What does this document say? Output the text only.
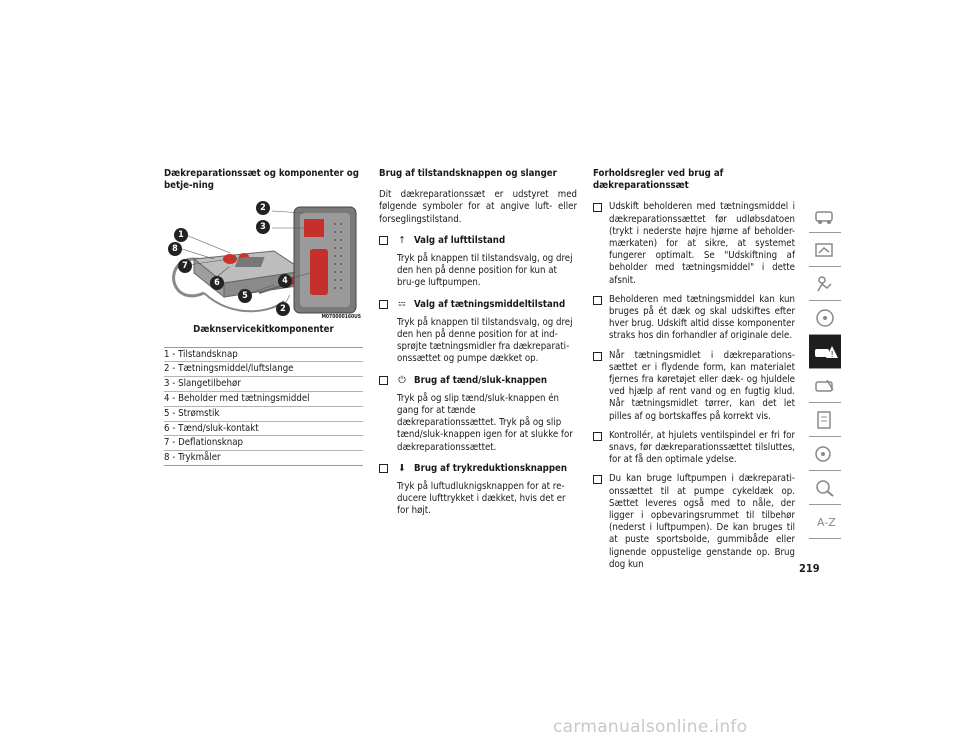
Dækreparationssæt og komponenter og betje-ning
2
3
1
8
7
6	4
5
2
M070000160US
Dæknservicekitkomponenter
1 - Tilstandsknap
2 - Tætningsmiddel/luftslange
3 - Slangetilbehør
4 - Beholder med tætningsmiddel
5 - Strømstik
6 - Tænd/sluk-kontakt
7 - Deflationsknap
8 - Trykmåler
Brug af tilstandsknappen og slanger

Dit dækreparationssæt er udstyret med følgende symboler for at angive luft- eller forseglingstilstand.

↑ Valg af lufttilstand

Tryk på knappen til tilstandsvalg, og drej den hen på denne position for kun at bru-ge luftpumpen.

𝌄 Valg af tætningsmiddeltilstand

Tryk på knappen til tilstandsvalg, og drej den hen på denne position for at ind-sprøjte tætningsmidler fra dækreparati-onssættet og pumpe dækket op.

⏻ Brug af tænd/sluk-knappen

Tryk på og slip tænd/sluk-knappen én gang for at tænde dækreparationssættet. Tryk på og slip tænd/sluk-knappen igen for at slukke for dækreparationssættet.

⬇ Brug af trykreduktionsknappen

Tryk på luftudluknigsknappen for at re-ducere lufttrykket i dækket, hvis det er for højt.

Forholdsregler ved brug af dækreparationssæt
Udskift beholderen med tætningsmiddel i dækreparationssættet før udløbsdatoen (trykt i nederste højre hjørne af beholder-mærkaten) for at sikre, at systemet fungerer optimalt. Se "Udskiftning af beholder med tætningsmiddel" i dette afsnit.
Beholderen med tætningsmiddel kan kun bruges på ét dæk og skal udskiftes efter hver brug. Udskift altid disse komponenter straks hos din forhandler af originale dele.
Når tætningsmidlet i dækreparations-sættet er i flydende form, kan materialet fjernes fra køretøjet eller dæk- og hjuldele ved hjælp af rent vand og en fugtig klud. Når tætningsmidlet tørrer, kan det let pilles af og bortskaffes på korrekt vis.
Kontrollér, at hjulets ventilspindel er fri for snavs, før dækreparationssættet tilsluttes, for at få den optimale ydelse.
Du kan bruge luftpumpen i dækreparati-onssættet til at pumpe cykeldæk op. Sættet leveres også med to nåle, der ligger i opbevaringsrummet til tilbehør (nederst i luftpumpen). De kan bruges til at puste sportsbolde, gummibåde eller lignende oppustelige genstande op. Brug dog kun
!
A-Z
219
carmanualsonline.info
